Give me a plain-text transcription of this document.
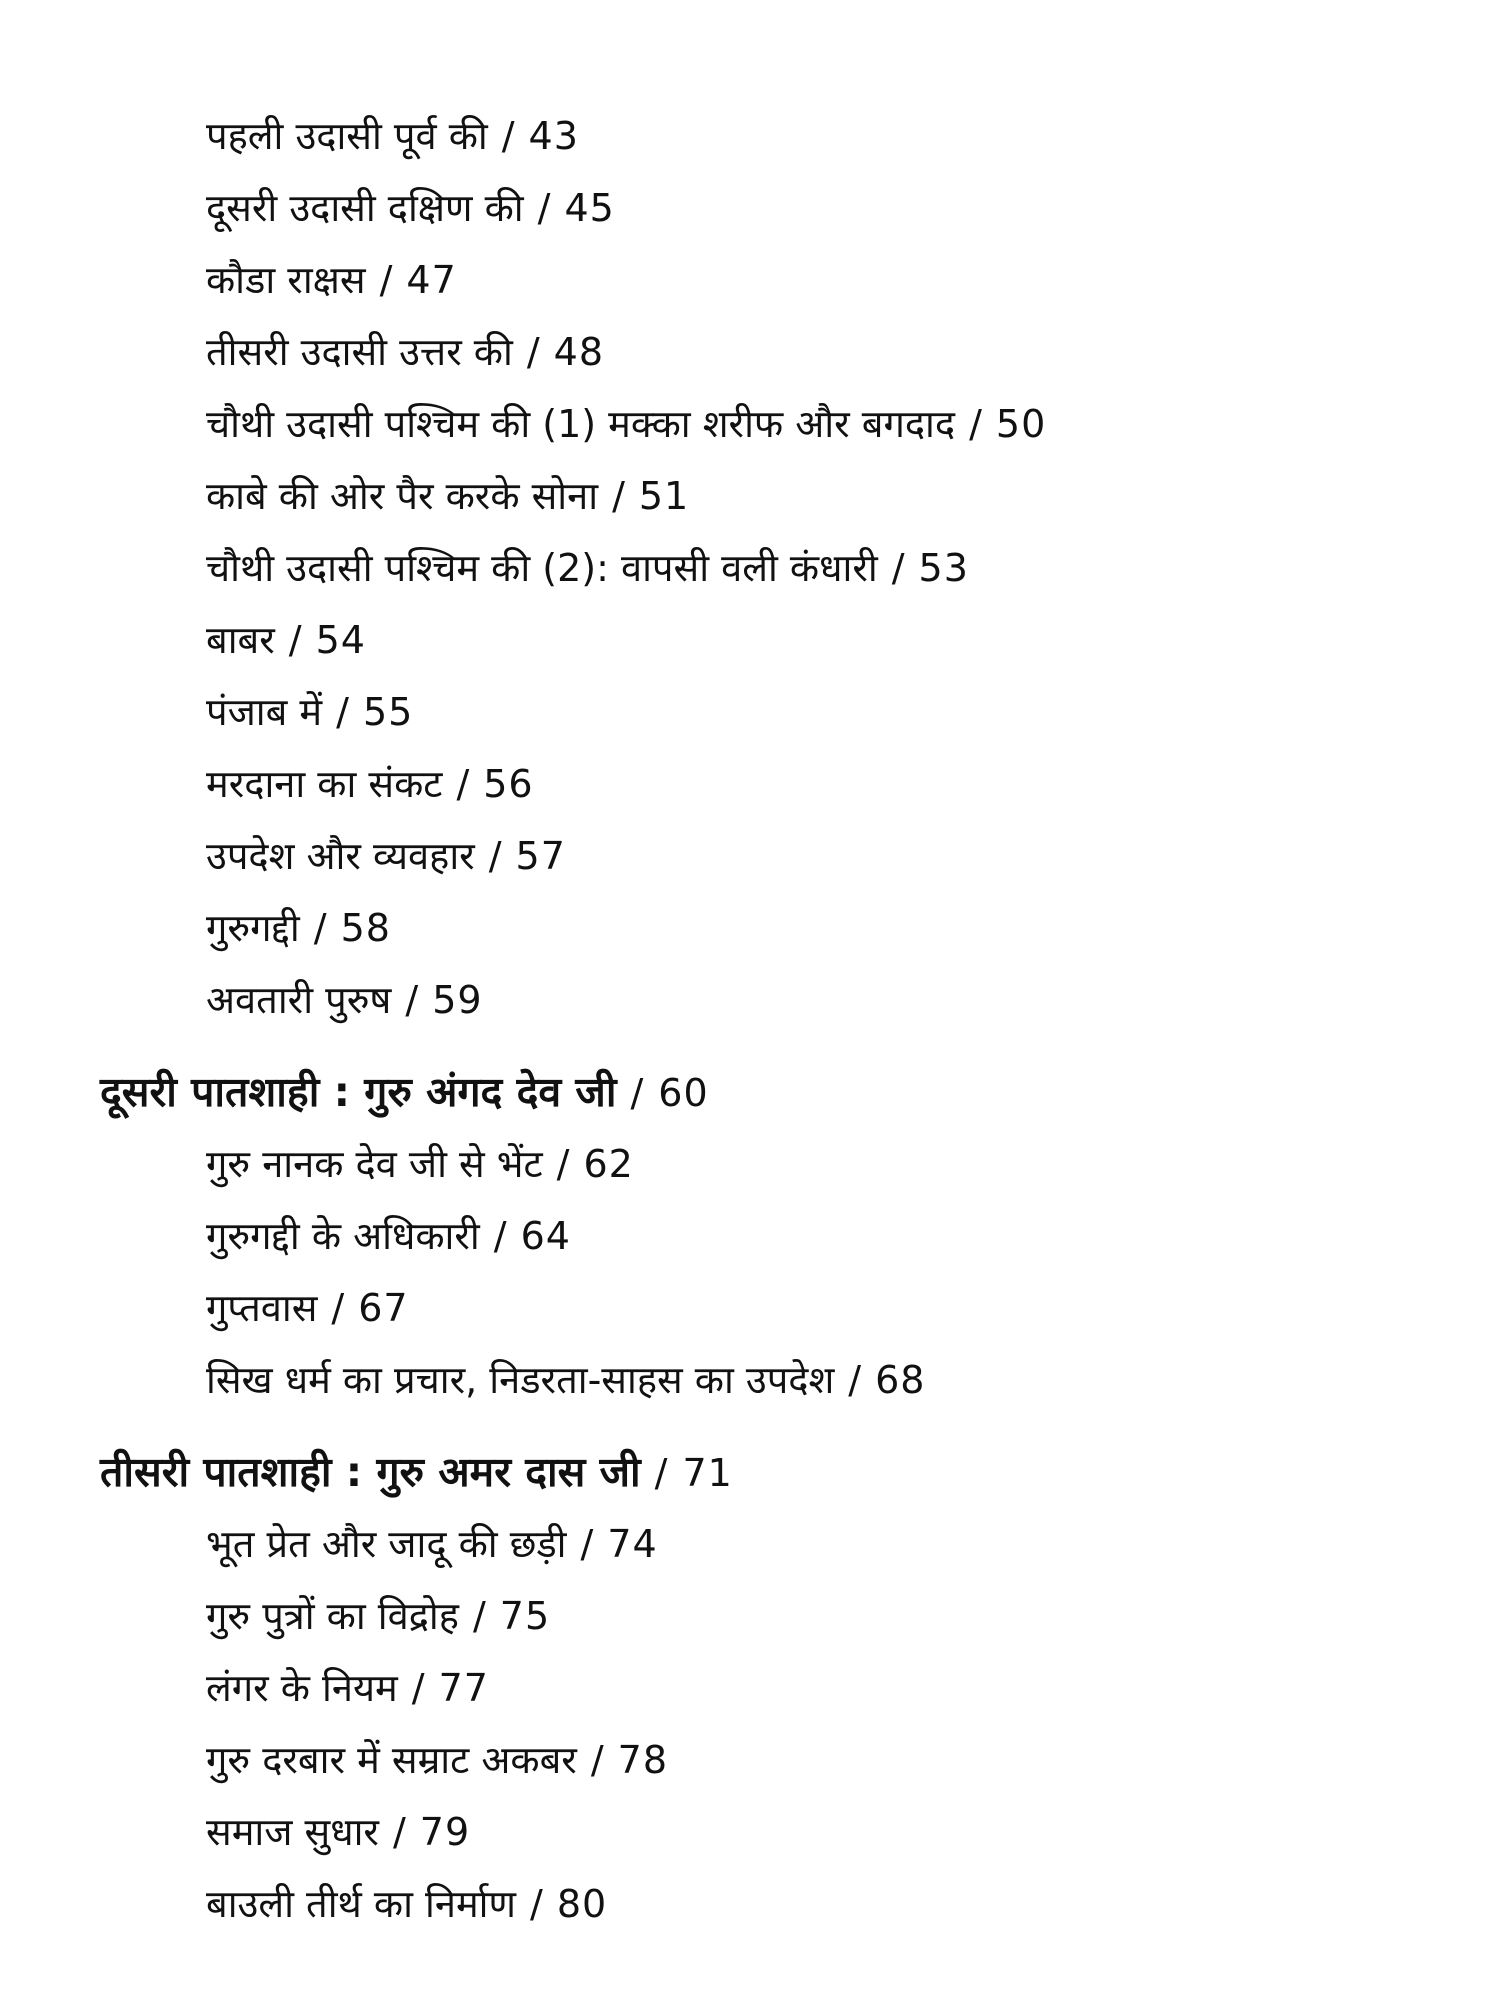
पहली उदासी पूर्व की / 43
दूसरी उदासी दक्षिण की / 45
कौडा राक्षस / 47
तीसरी उदासी उत्तर की / 48
चौथी उदासी पश्चिम की (1) मक्का शरीफ और बगदाद / 50
काबे की ओर पैर करके सोना / 51
चौथी उदासी पश्चिम की (2): वापसी वली कंधारी / 53
बाबर / 54
पंजाब में / 55
मरदाना का संकट / 56
उपदेश और व्यवहार / 57
गुरुगद्दी / 58
अवतारी पुरुष / 59
दूसरी पातशाही : गुरु अंगद देव जी / 60
गुरु नानक देव जी से भेंट / 62
गुरुगद्दी के अधिकारी / 64
गुप्तवास / 67
सिख धर्म का प्रचार, निडरता-साहस का उपदेश / 68
तीसरी पातशाही : गुरु अमर दास जी / 71
भूत प्रेत और जादू की छड़ी / 74
गुरु पुत्रों का विद्रोह / 75
लंगर के नियम / 77
गुरु दरबार में सम्राट अकबर / 78
समाज सुधार / 79
बाउली तीर्थ का निर्माण / 80
